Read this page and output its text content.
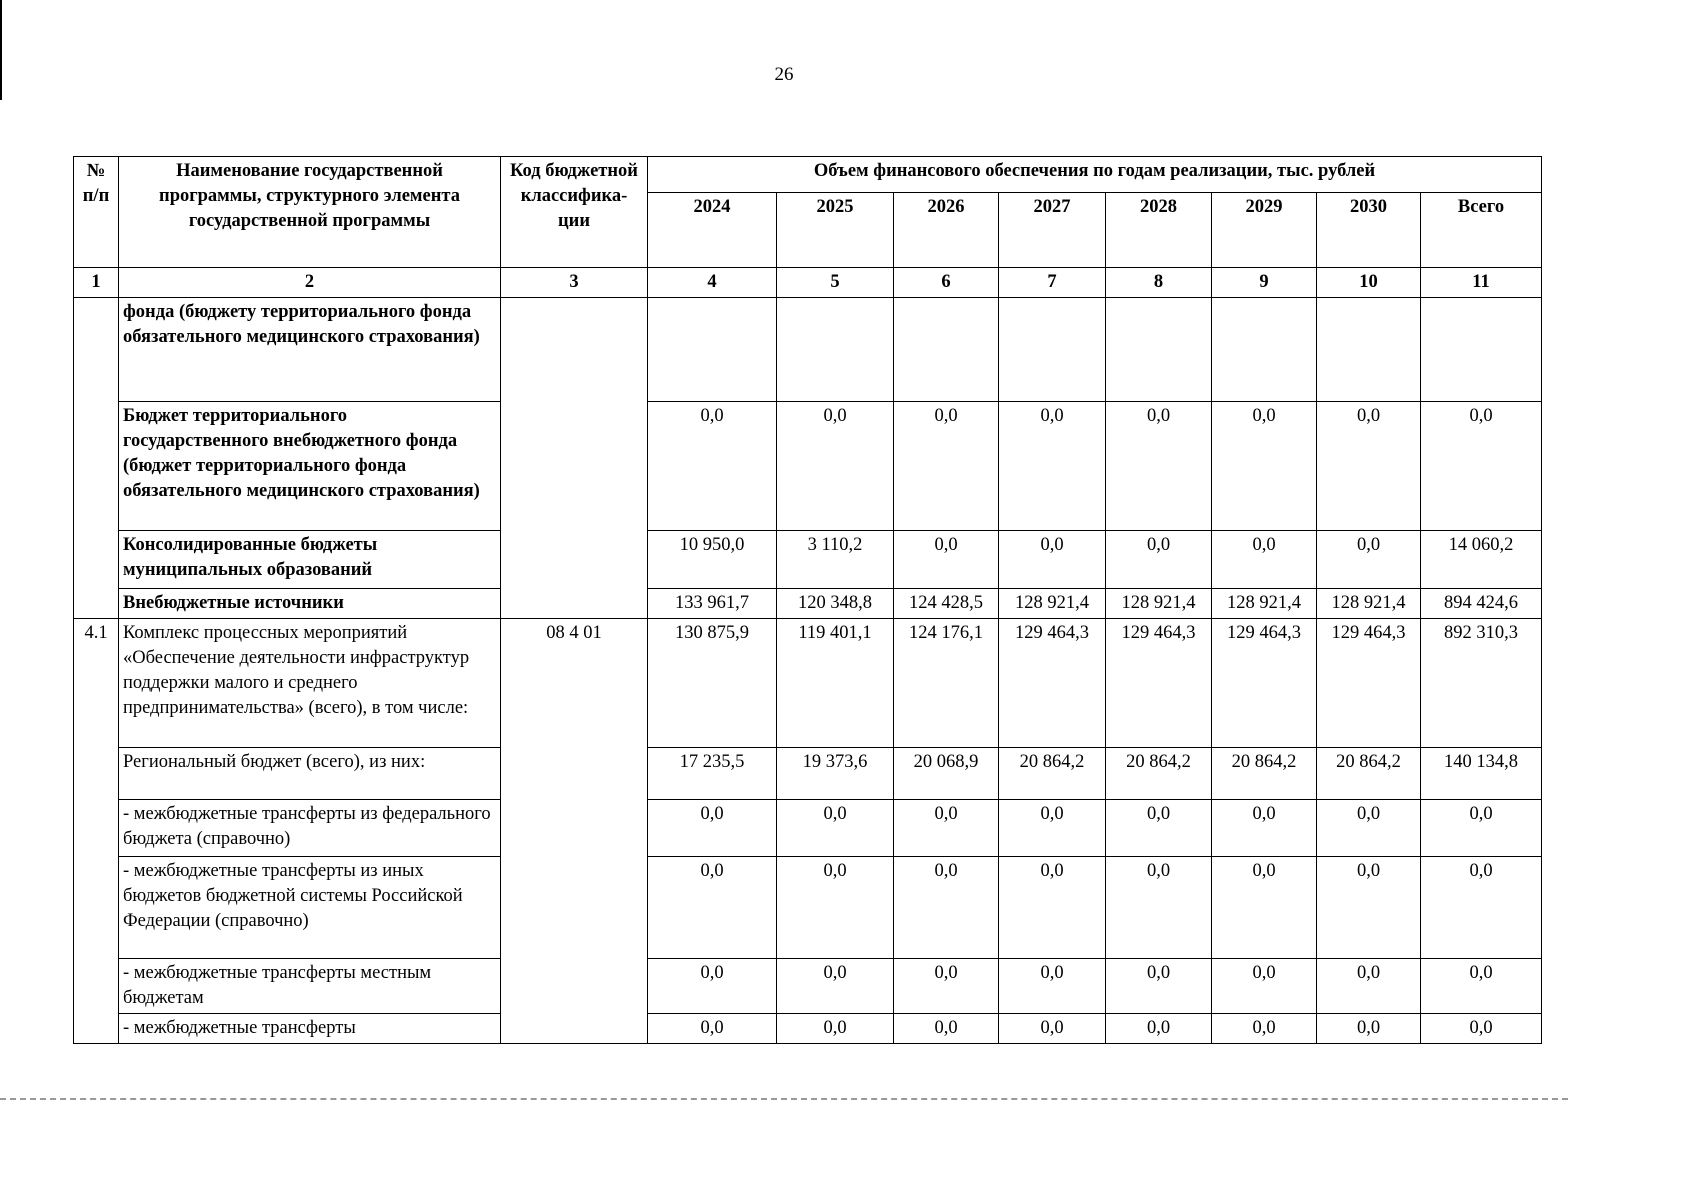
26
№ п/п	Наименование государственной программы, структурного элемента государственной программы	Код бюджетной классифика-ции	Объем финансового обеспечения по годам реализации, тыс. рублей							
			2024	2025	2026	2027	2028	2029	2030	Всего
1	2	3	4	5	6	7	8	9	10	11
	фонда (бюджету территориального фонда обязательного медицинского страхования)									
	Бюджет территориального государственного внебюджетного фонда (бюджет территориального фонда обязательного медицинского страхования)		0,0	0,0	0,0	0,0	0,0	0,0	0,0	0,0
	Консолидированные бюджеты муниципальных образований		10 950,0	3 110,2	0,0	0,0	0,0	0,0	0,0	14 060,2
	Внебюджетные источники		133 961,7	120 348,8	124 428,5	128 921,4	128 921,4	128 921,4	128 921,4	894 424,6
4.1	Комплекс процессных мероприятий «Обеспечение деятельности инфраструктур поддержки малого и среднего предпринимательства» (всего), в том числе:	08 4 01	130 875,9	119 401,1	124 176,1	129 464,3	129 464,3	129 464,3	129 464,3	892 310,3
	Региональный бюджет (всего), из них:		17 235,5	19 373,6	20 068,9	20 864,2	20 864,2	20 864,2	20 864,2	140 134,8
	- межбюджетные трансферты из федерального бюджета (справочно)		0,0	0,0	0,0	0,0	0,0	0,0	0,0	0,0
	- межбюджетные трансферты из иных бюджетов бюджетной системы Российской Федерации (справочно)		0,0	0,0	0,0	0,0	0,0	0,0	0,0	0,0
	- межбюджетные трансферты местным бюджетам		0,0	0,0	0,0	0,0	0,0	0,0	0,0	0,0
	- межбюджетные трансферты		0,0	0,0	0,0	0,0	0,0	0,0	0,0	0,0
